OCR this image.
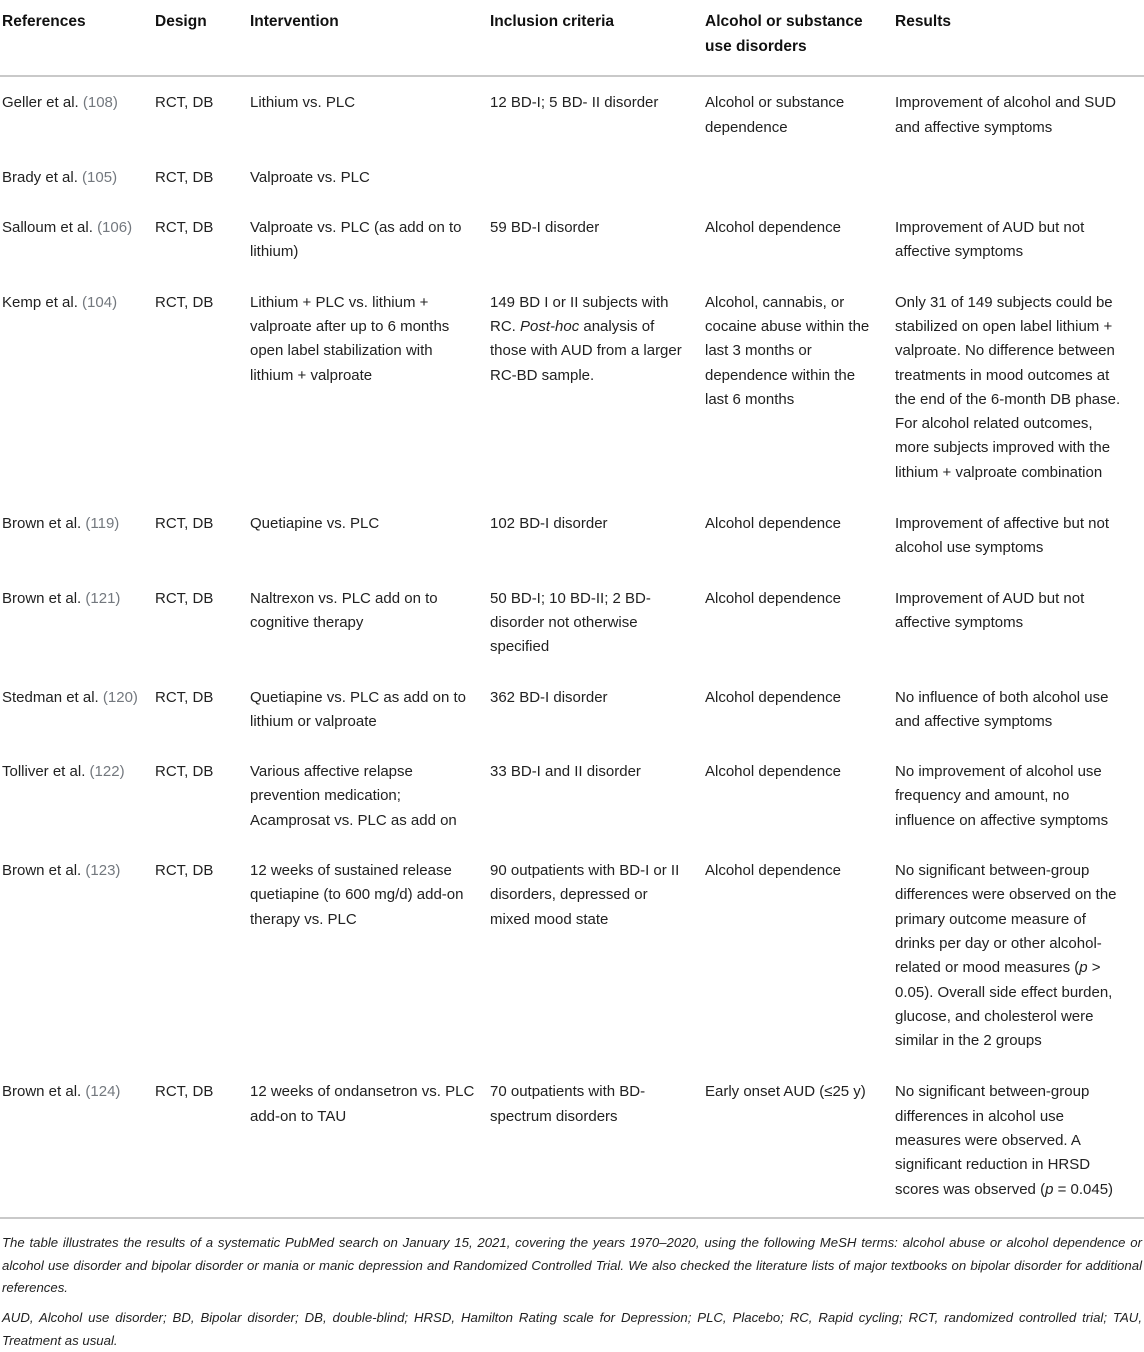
References	Design	Intervention	Inclusion criteria	Alcohol or substance use disorders	Results
Geller et al. (108)	RCT, DB	Lithium vs. PLC	12 BD-I; 5 BD- II disorder	Alcohol or substance dependence	Improvement of alcohol and SUD and affective symptoms
Brady et al. (105)	RCT, DB	Valproate vs. PLC			
Salloum et al. (106)	RCT, DB	Valproate vs. PLC (as add on to lithium)	59 BD-I disorder	Alcohol dependence	Improvement of AUD but not affective symptoms
Kemp et al. (104)	RCT, DB	Lithium + PLC vs. lithium + valproate after up to 6 months open label stabilization with lithium + valproate	149 BD I or II subjects with RC. Post-hoc analysis of those with AUD from a larger RC-BD sample.	Alcohol, cannabis, or cocaine abuse within the last 3 months or dependence within the last 6 months	Only 31 of 149 subjects could be stabilized on open label lithium + valproate. No difference between treatments in mood outcomes at the end of the 6-month DB phase. For alcohol related outcomes, more subjects improved with the lithium + valproate combination
Brown et al. (119)	RCT, DB	Quetiapine vs. PLC	102 BD-I disorder	Alcohol dependence	Improvement of affective but not alcohol use symptoms
Brown et al. (121)	RCT, DB	Naltrexon vs. PLC add on to cognitive therapy	50 BD-I; 10 BD-II; 2 BD-disorder not otherwise specified	Alcohol dependence	Improvement of AUD but not affective symptoms
Stedman et al. (120)	RCT, DB	Quetiapine vs. PLC as add on to lithium or valproate	362 BD-I disorder	Alcohol dependence	No influence of both alcohol use and affective symptoms
Tolliver et al. (122)	RCT, DB	Various affective relapse prevention medication; Acamprosat vs. PLC as add on	33 BD-I and II disorder	Alcohol dependence	No improvement of alcohol use frequency and amount, no influence on affective symptoms
Brown et al. (123)	RCT, DB	12 weeks of sustained release quetiapine (to 600 mg/d) add-on therapy vs. PLC	90 outpatients with BD-I or II disorders, depressed or mixed mood state	Alcohol dependence	No significant between-group differences were observed on the primary outcome measure of drinks per day or other alcohol-related or mood measures (p > 0.05). Overall side effect burden, glucose, and cholesterol were similar in the 2 groups
Brown et al. (124)	RCT, DB	12 weeks of ondansetron vs. PLC add-on to TAU	70 outpatients with BD-spectrum disorders	Early onset AUD (≤25 y)	No significant between-group differences in alcohol use measures were observed. A significant reduction in HRSD scores was observed (p = 0.045)

The table illustrates the results of a systematic PubMed search on January 15, 2021, covering the years 1970–2020, using the following MeSH terms: alcohol abuse or alcohol dependence or alcohol use disorder and bipolar disorder or mania or manic depression and Randomized Controlled Trial. We also checked the literature lists of major textbooks on bipolar disorder for additional references.

AUD, Alcohol use disorder; BD, Bipolar disorder; DB, double-blind; HRSD, Hamilton Rating scale for Depression; PLC, Placebo; RC, Rapid cycling; RCT, randomized controlled trial; TAU, Treatment as usual.
